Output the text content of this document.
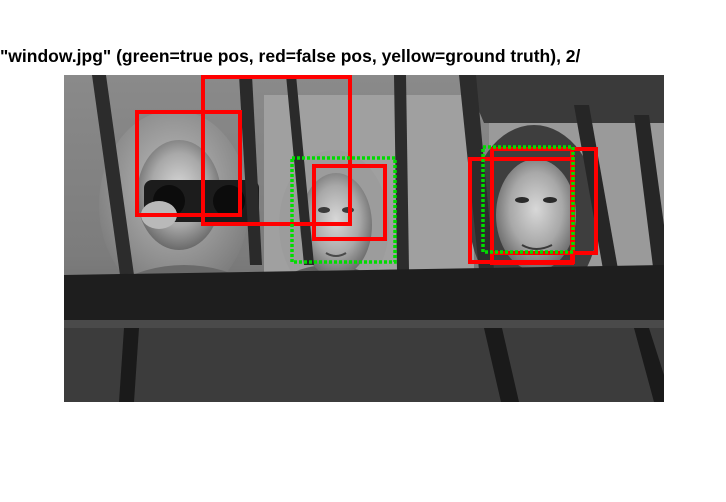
"window.jpg" (green=true pos, red=false pos, yellow=ground truth), 2/
